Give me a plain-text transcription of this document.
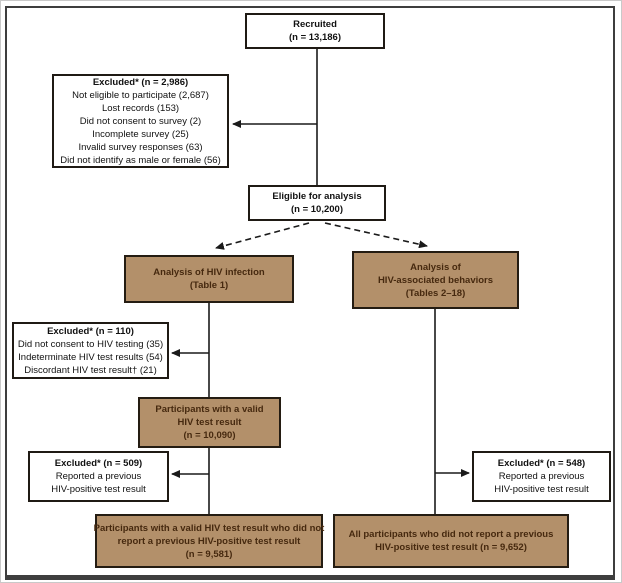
Recruited
(n = 13,186)
Excluded* (n = 2,986)
Not eligible to participate (2,687)
Lost records (153)
Did not consent to survey (2)
Incomplete survey (25)
Invalid survey responses (63)
Did not identify as male or female (56)
Eligible for analysis
(n = 10,200)
Analysis of HIV infection
(Table 1)
Analysis of
HIV-associated behaviors
(Tables 2–18)
Excluded* (n = 110)
Did not consent to HIV testing (35)
Indeterminate HIV test results (54)
Discordant HIV test result† (21)
Participants with a valid
HIV test result
(n = 10,090)
Excluded* (n = 509)
Reported a previous
HIV-positive test result
Excluded* (n = 548)
Reported a previous
HIV-positive test result
Participants with a valid HIV test result who did not
report a previous HIV-positive test result
(n = 9,581)
All participants who did not report a previous
HIV-positive test result (n = 9,652)
